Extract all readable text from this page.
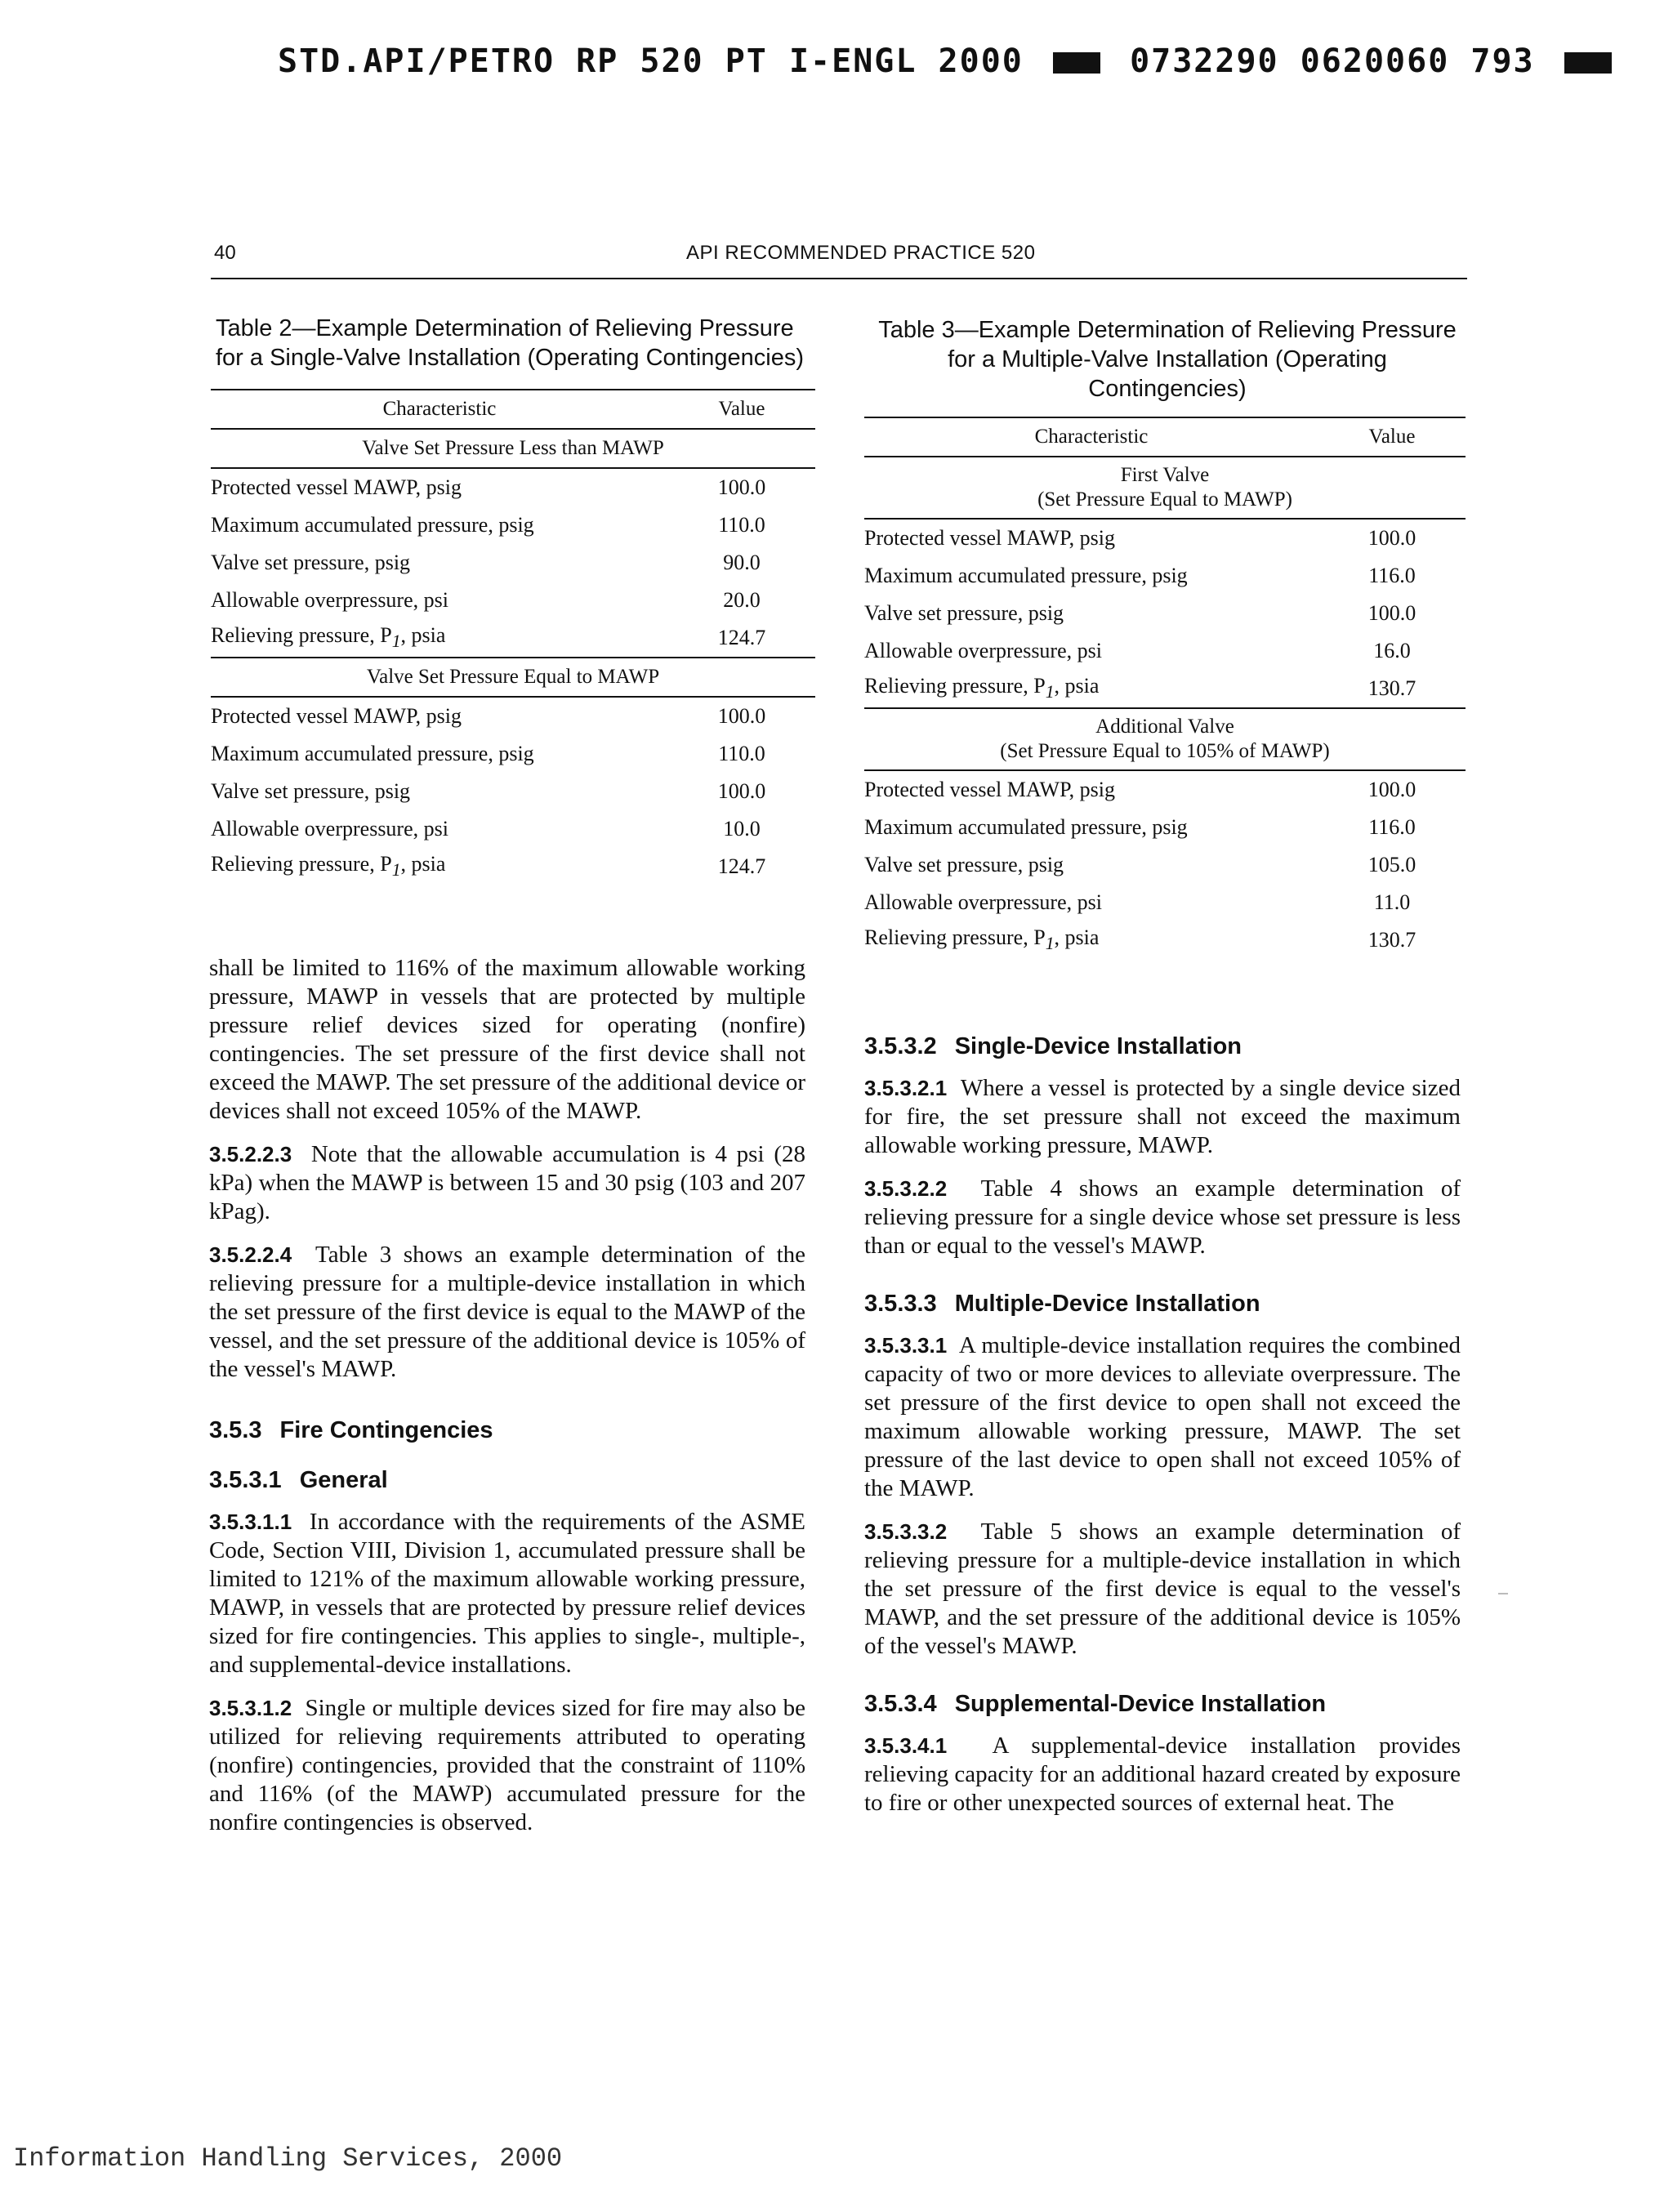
STD.API/PETRO RP 520 PT I-ENGL 2000	0732290 0620060 793
40	API RECOMMENDED PRACTICE 520
Table 2—Example Determination of Relieving Pressure for a Single-Valve Installation (Operating Contingencies)
Characteristic	Value
Valve Set Pressure Less than MAWP	
Protected vessel MAWP, psig	100.0
Maximum accumulated pressure, psig	110.0
Valve set pressure, psig	90.0
Allowable overpressure, psi	20.0
Relieving pressure, $P_1$, psia	124.7
Valve Set Pressure Equal to MAWP	
Protected vessel MAWP, psig	100.0
Maximum accumulated pressure, psig	110.0
Valve set pressure, psig	100.0
Allowable overpressure, psi	10.0
Relieving pressure, $P_1$, psia	124.7
Table 3—Example Determination of Relieving Pressure for a Multiple-Valve Installation (Operating Contingencies)
Characteristic	Value
First Valve
(Set Pressure Equal to MAWP)	
Protected vessel MAWP, psig	100.0
Maximum accumulated pressure, psig	116.0
Valve set pressure, psig	100.0
Allowable overpressure, psi	16.0
Relieving pressure, $P_1$, psia	130.7
Additional Valve
(Set Pressure Equal to 105% of MAWP)	
Protected vessel MAWP, psig	100.0
Maximum accumulated pressure, psig	116.0
Valve set pressure, psig	105.0
Allowable overpressure, psi	11.0
Relieving pressure, $P_1$, psia	130.7

shall be limited to 116% of the maximum allowable working pressure, MAWP in vessels that are protected by multiple pressure relief devices sized for operating (nonfire) contingencies. The set pressure of the first device shall not exceed the MAWP. The set pressure of the additional device or devices shall not exceed 105% of the MAWP.

3.5.2.2.3 Note that the allowable accumulation is 4 psi (28 kPa) when the MAWP is between 15 and 30 psig (103 and 207 kPag).

3.5.2.2.4 Table 3 shows an example determination of the relieving pressure for a multiple-device installation in which the set pressure of the first device is equal to the MAWP of the vessel, and the set pressure of the additional device is 105% of the vessel's MAWP.

3.5.3 Fire Contingencies
3.5.3.1 General

3.5.3.1.1 In accordance with the requirements of the ASME Code, Section VIII, Division 1, accumulated pressure shall be limited to 121% of the maximum allowable working pressure, MAWP, in vessels that are protected by pressure relief devices sized for fire contingencies. This applies to single-, multiple-, and supplemental-device installations.

3.5.3.1.2 Single or multiple devices sized for fire may also be utilized for relieving requirements attributed to operating (nonfire) contingencies, provided that the constraint of 110% and 116% (of the MAWP) accumulated pressure for the nonfire contingencies is observed.

3.5.3.2 Single-Device Installation

3.5.3.2.1 Where a vessel is protected by a single device sized for fire, the set pressure shall not exceed the maximum allowable working pressure, MAWP.

3.5.3.2.2 Table 4 shows an example determination of relieving pressure for a single device whose set pressure is less than or equal to the vessel's MAWP.

3.5.3.3 Multiple-Device Installation

3.5.3.3.1 A multiple-device installation requires the combined capacity of two or more devices to alleviate overpressure. The set pressure of the first device to open shall not exceed the maximum allowable working pressure, MAWP. The set pressure of the last device to open shall not exceed 105% of the MAWP.

3.5.3.3.2 Table 5 shows an example determination of relieving pressure for a multiple-device installation in which the set pressure of the first device is equal to the vessel's MAWP, and the set pressure of the additional device is 105% of the vessel's MAWP.

3.5.3.4 Supplemental-Device Installation

3.5.3.4.1 A supplemental-device installation provides relieving capacity for an additional hazard created by exposure to fire or other unexpected sources of external heat. The

Information Handling Services, 2000
